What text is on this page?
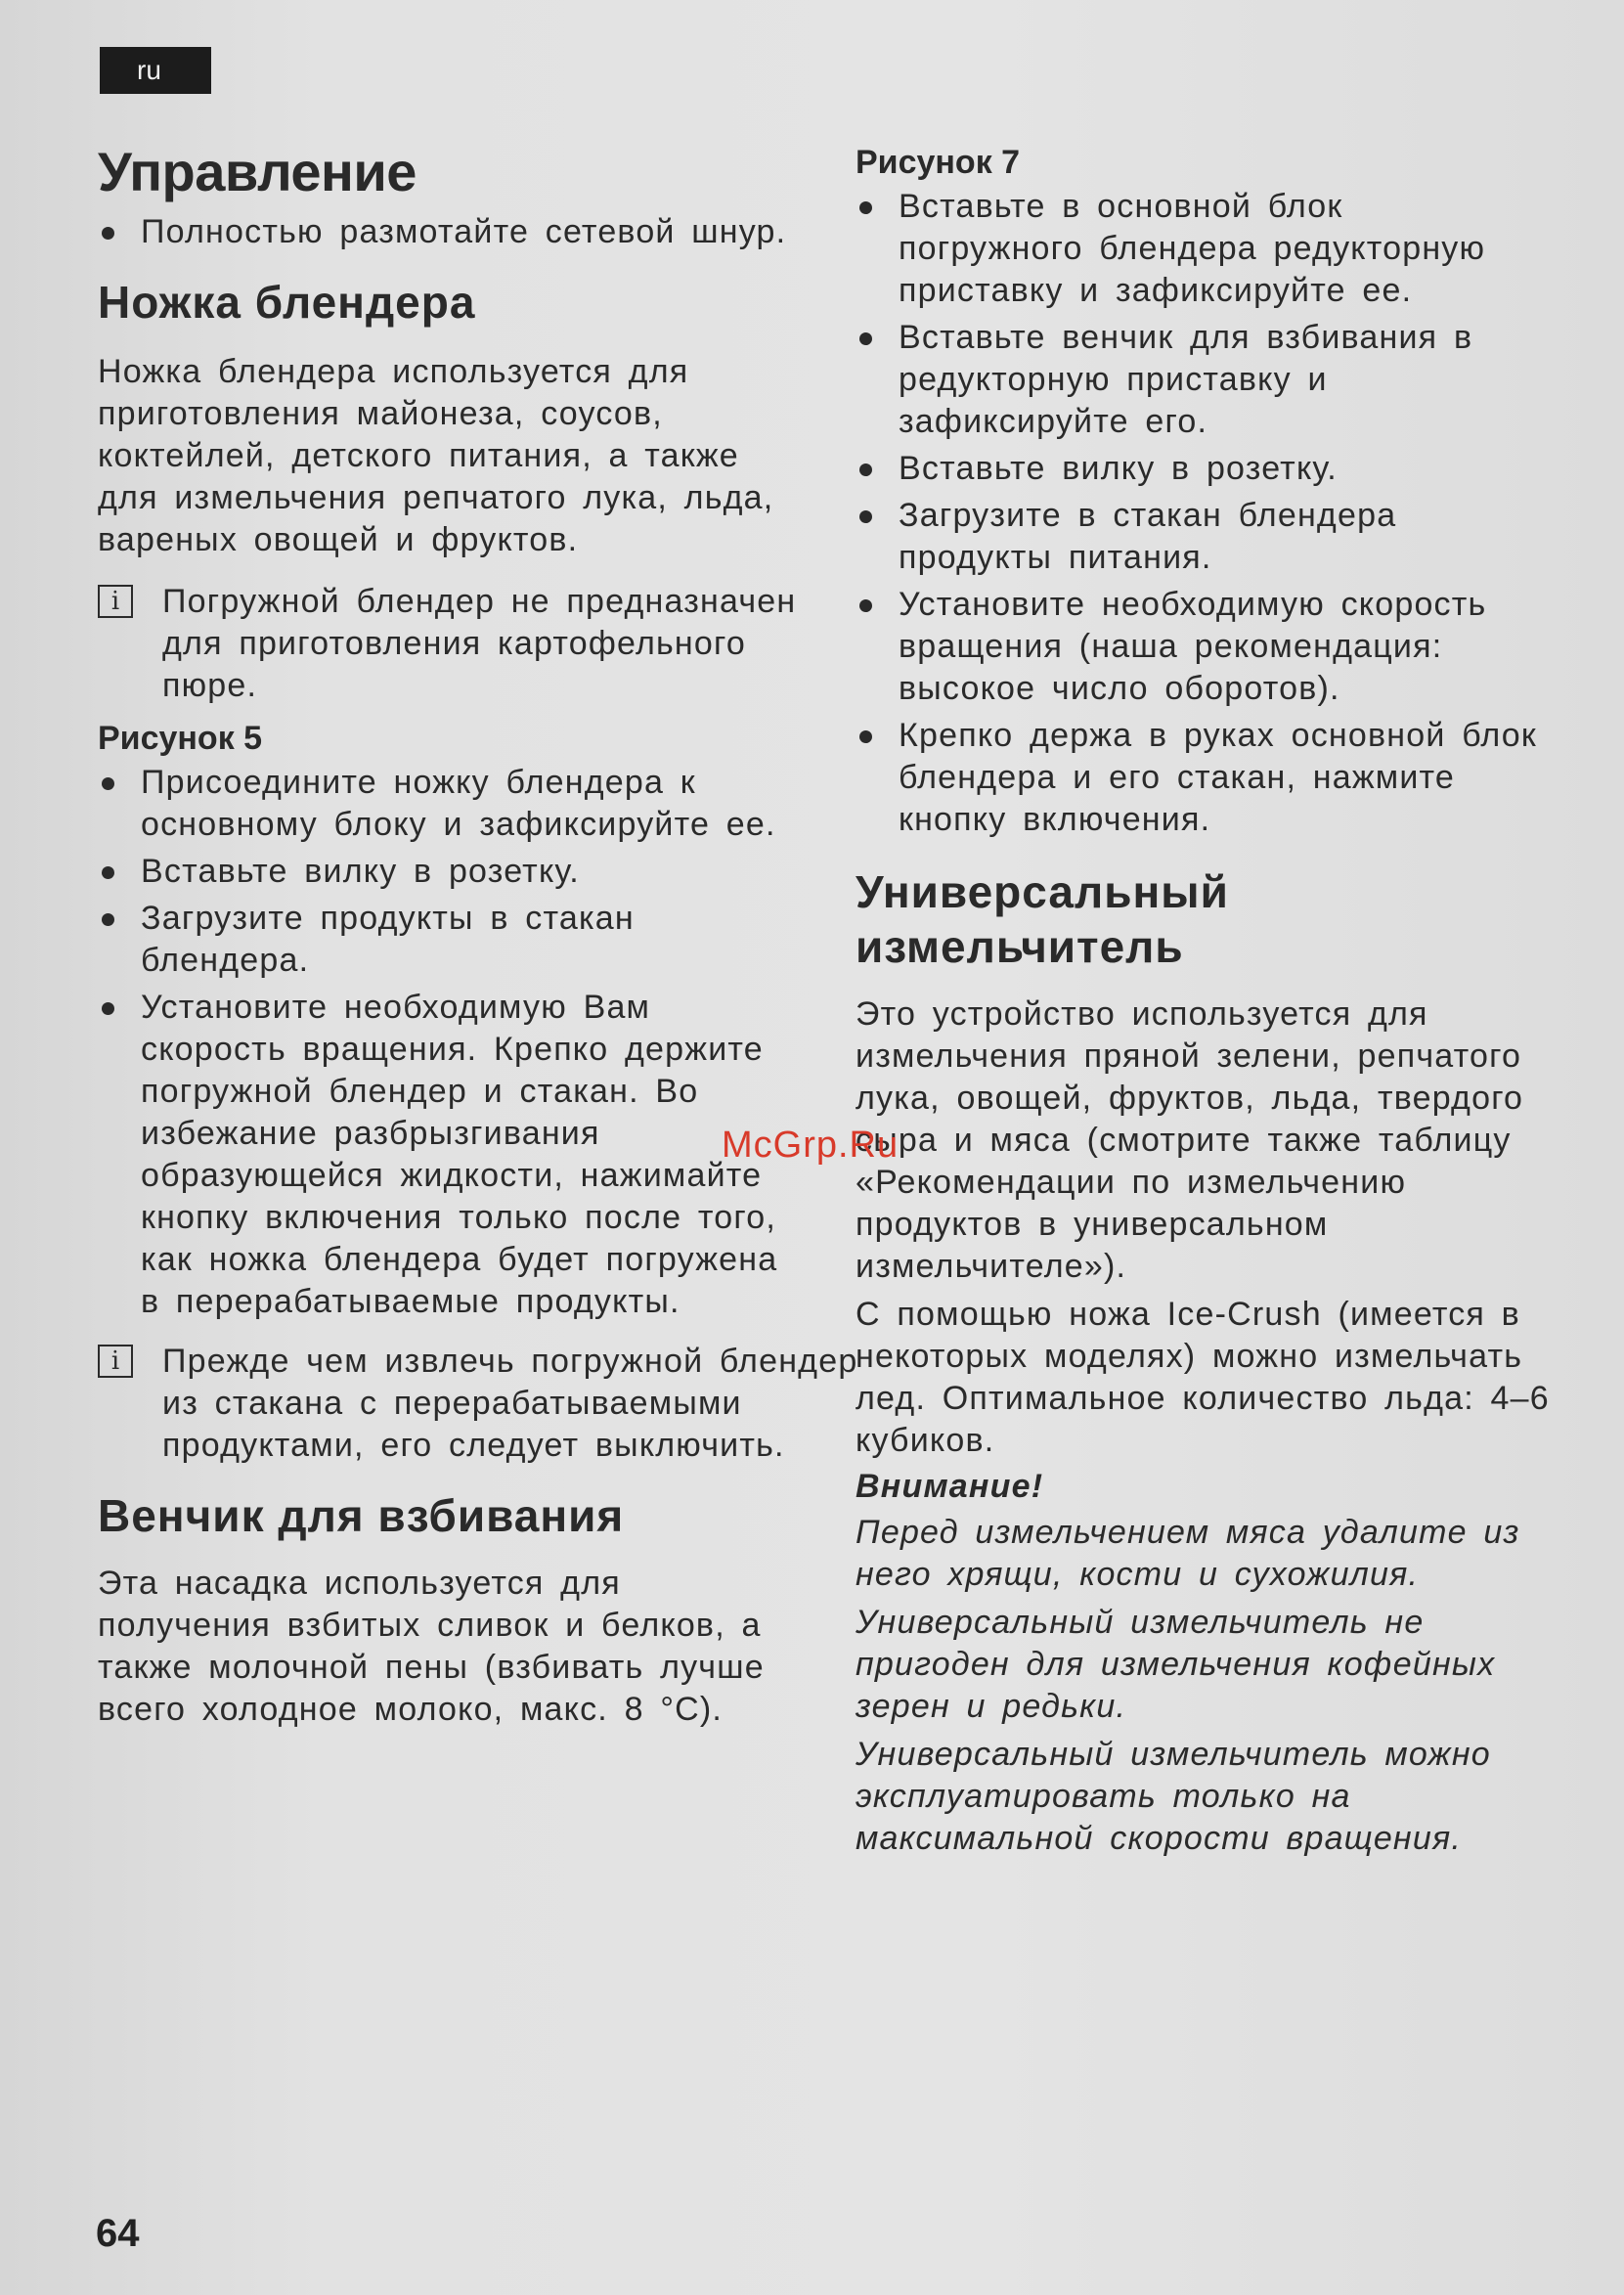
ru
Управление
Полностью размотайте сетевой шнур.
Ножка блендера

Ножка блендера используется для приготовления майонеза, соусов, коктейлей, детского питания, а также для измельчения репчатого лука, льда, вареных овощей и фруктов.

i	Погружной блендер не предназначен для приготовления картофельного пюре.

Рисунок 5
Присоедините ножку блендера к основному блоку и зафиксируйте ее.
Вставьте вилку в розетку.
Загрузите продукты в стакан блендера.
Установите необходимую Вам скорость вращения. Крепко держите погружной блендер и стакан. Во избежание разбрызгивания образующейся жидкости, нажимайте кнопку включения только после того, как ножка блендера будет погружена в перерабатываемые продукты.
i	Прежде чем извлечь погружной блендер из стакана с перерабатываемыми продуктами, его следует выключить.

Венчик для взбивания

Эта насадка используется для получения взбитых сливок и белков, а также молочной пены (взбивать лучше всего холодное молоко, макс. 8 °С).

Рисунок 7
Вставьте в основной блок погружного блендера редукторную приставку и зафиксируйте ее.
Вставьте венчик для взбивания в редукторную приставку и зафиксируйте его.
Вставьте вилку в розетку.
Загрузите в стакан блендера продукты питания.
Установите необходимую скорость вращения (наша рекомендация: высокое число оборотов).
Крепко держа в руках основной блок блендера и его стакан, нажмите кнопку включения.
Универсальный измельчитель

Это устройство используется для измельчения пряной зелени, репчатого лука, овощей, фруктов, льда, твердого сыра и мяса (смотрите также таблицу «Рекомендации по измельчению продуктов в универсальном измельчителе»).

С помощью ножа Ice-Crush (имеется в некоторых моделях) можно измельчать лед. Оптимальное количество льда: 4–6 кубиков.

Внимание!

Перед измельчением мяса удалите из него хрящи, кости и сухожилия.

Универсальный измельчитель не пригоден для измельчения кофейных зерен и редьки.

Универсальный измельчитель можно эксплуатировать только на максимальной скорости вращения.

McGrp.Ru
64
